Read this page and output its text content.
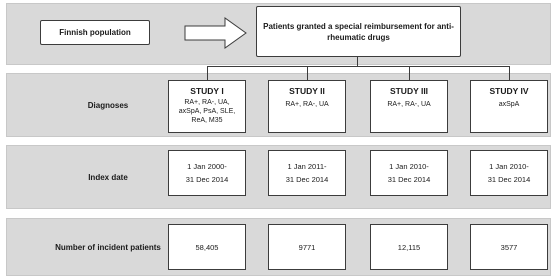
Finnish population
Patients granted a special reimbursement for anti-rheumatic drugs
Diagnoses
Index date
Number of incident patients
STUDY I
RA+, RA-, UA,
axSpA, PsA, SLE,
ReA, M35
1 Jan 2000-
31 Dec 2014
58,405
STUDY II
RA+, RA-, UA
1 Jan 2011-
31 Dec 2014
9771
STUDY III
RA+, RA-, UA
1 Jan 2010-
31 Dec 2014
12,115
STUDY IV
axSpA
1 Jan 2010-
31 Dec 2014
3577
